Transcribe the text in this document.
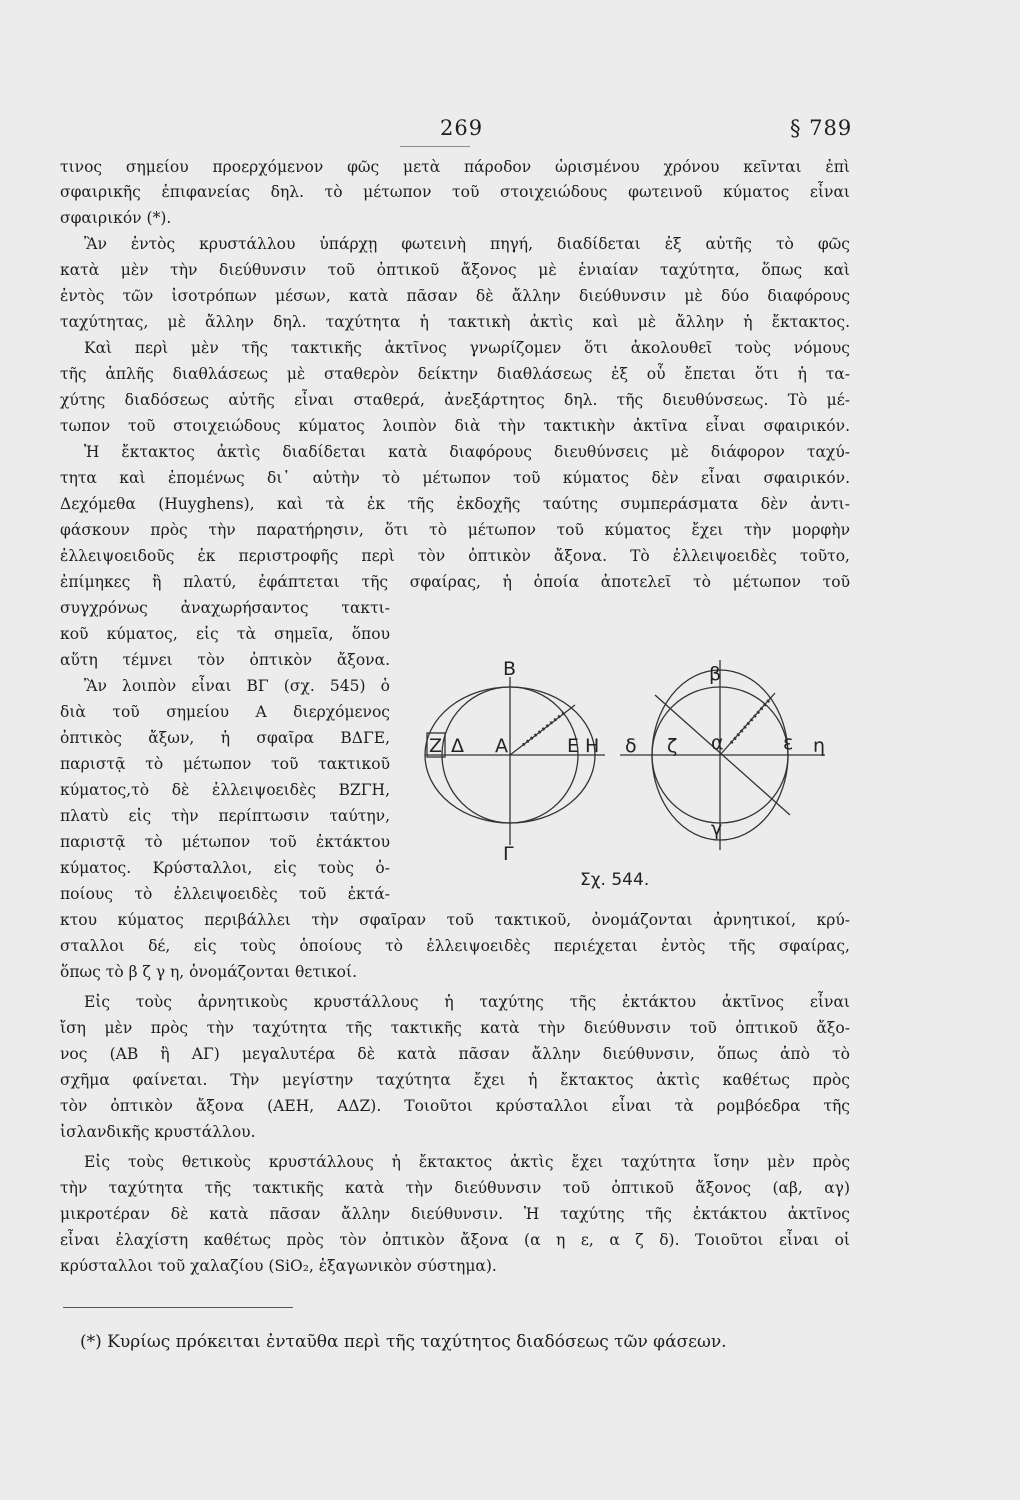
269	§ 789
τινος σημείου προερχόμενον φῶς μετὰ πάροδον ὡρισμένου χρόνου κεῖνται ἐπὶ
σφαιρικῆς ἐπιφανείας δηλ. τὸ μέτωπον τοῦ στοιχειώδους φωτεινοῦ κύματος εἶναι
σφαιρικόν (*).
Ἂν ἐντὸς κρυστάλλου ὑπάρχῃ φωτεινὴ πηγή, διαδίδεται ἐξ αὐτῆς τὸ φῶς
κατὰ μὲν τὴν διεύθυνσιν τοῦ ὀπτικοῦ ἄξονος μὲ ἑνιαίαν ταχύτητα, ὅπως καὶ
ἐντὸς τῶν ἰσοτρόπων μέσων, κατὰ πᾶσαν δὲ ἄλλην διεύθυνσιν μὲ δύο διαφόρους
ταχύτητας, μὲ ἄλλην δηλ. ταχύτητα ἡ τακτικὴ ἀκτὶς καὶ μὲ ἄλλην ἡ ἔκτακτος.
Καὶ περὶ μὲν τῆς τακτικῆς ἀκτῖνος γνωρίζομεν ὅτι ἀκολουθεῖ τοὺς νόμους
τῆς ἁπλῆς διαθλάσεως μὲ σταθερὸν δείκτην διαθλάσεως ἐξ οὗ ἔπεται ὅτι ἡ τα-
χύτης διαδόσεως αὐτῆς εἶναι σταθερά, ἀνεξάρτητος δηλ. τῆς διευθύνσεως. Τὸ μέ-
τωπον τοῦ στοιχειώδους κύματος λοιπὸν διὰ τὴν τακτικὴν ἀκτῖνα εἶναι σφαιρικόν.
Ἡ ἔκτακτος ἀκτὶς διαδίδεται κατὰ διαφόρους διευθύνσεις μὲ διάφορον ταχύ-
τητα καὶ ἐπομένως δι᾽ αὐτὴν τὸ μέτωπον τοῦ κύματος δὲν εἶναι σφαιρικόν.
Δεχόμεθα (Huyghens), καὶ τὰ ἐκ τῆς ἐκδοχῆς ταύτης συμπεράσματα δὲν ἀντι-
φάσκουν πρὸς τὴν παρατήρησιν, ὅτι τὸ μέτωπον τοῦ κύματος ἔχει τὴν μορφὴν
ἐλλειψοειδοῦς ἐκ περιστροφῆς περὶ τὸν ὀπτικὸν ἄξονα. Τὸ ἐλλειψοειδὲς τοῦτο,
ἐπίμηκες ἢ πλατύ, ἐφάπτεται τῆς σφαίρας, ἡ ὁποία ἀποτελεῖ τὸ μέτωπον τοῦ
συγχρόνως ἀναχωρήσαντος τακτι-
κοῦ κύματος, εἰς τὰ σημεῖα, ὅπου
αὕτη τέμνει τὸν ὀπτικὸν ἄξονα.
Ἂν λοιπὸν εἶναι ΒΓ (σχ. 545) ὁ
διὰ τοῦ σημείου Α διερχόμενος
ὀπτικὸς ἄξων, ἡ σφαῖρα ΒΔΓΕ,
παριστᾷ τὸ μέτωπον τοῦ τακτικοῦ
κύματος,τὸ δὲ ἐλλειψοειδὲς ΒΖΓΗ,
πλατὺ εἰς τὴν περίπτωσιν ταύτην,
παριστᾷ τὸ μέτωπον τοῦ ἐκτάκτου
κύματος. Κρύσταλλοι, εἰς τοὺς ὁ-
ποίους τὸ ἐλλειψοειδὲς τοῦ ἐκτά-
κτου κύματος περιβάλλει τὴν σφαῖραν τοῦ τακτικοῦ, ὀνομάζονται ἀρνητικοί, κρύ-
σταλλοι δέ, εἰς τοὺς ὁποίους τὸ ἐλλειψοειδὲς περιέχεται ἐντὸς τῆς σφαίρας,
ὅπως τὸ β ζ γ η, ὀνομάζονται θετικοί.
Εἰς τοὺς ἀρνητικοὺς κρυστάλλους ἡ ταχύτης τῆς ἐκτάκτου ἀκτῖνος εἶναι
ἴση μὲν πρὸς τὴν ταχύτητα τῆς τακτικῆς κατὰ τὴν διεύθυνσιν τοῦ ὀπτικοῦ ἄξο-
νος (ΑΒ ἢ ΑΓ) μεγαλυτέρα δὲ κατὰ πᾶσαν ἄλλην διεύθυνσιν, ὅπως ἀπὸ τὸ
σχῆμα φαίνεται. Τὴν μεγίστην ταχύτητα ἔχει ἡ ἔκτακτος ἀκτὶς καθέτως πρὸς
τὸν ὀπτικὸν ἄξονα (ΑΕΗ, ΑΔΖ). Τοιοῦτοι κρύσταλλοι εἶναι τὰ ρομβόεδρα τῆς
ἰσλανδικῆς κρυστάλλου.
Εἰς τοὺς θετικοὺς κρυστάλλους ἡ ἔκτακτος ἀκτὶς ἔχει ταχύτητα ἴσην μὲν πρὸς
τὴν ταχύτητα τῆς τακτικῆς κατὰ τὴν διεύθυνσιν τοῦ ὀπτικοῦ ἄξονος (αβ, αγ)
μικροτέραν δὲ κατὰ πᾶσαν ἄλλην διεύθυνσιν. Ἡ ταχύτης τῆς ἐκτάκτου ἀκτῖνος
εἶναι ἐλαχίστη καθέτως πρὸς τὸν ὀπτικὸν ἄξονα (α η ε, α ζ δ). Τοιοῦτοι εἶναι οἱ
κρύσταλλοι τοῦ χαλαζίου (SiO₂, ἑξαγωνικὸν σύστημα).
(*) Κυρίως πρόκειται ἐνταῦθα περὶ τῆς ταχύτητος διαδόσεως τῶν φάσεων.
Β
Γ
Ζ Δ Α	Ε Η
β
γ
δ ζ α	ε η
Σχ. 544.
